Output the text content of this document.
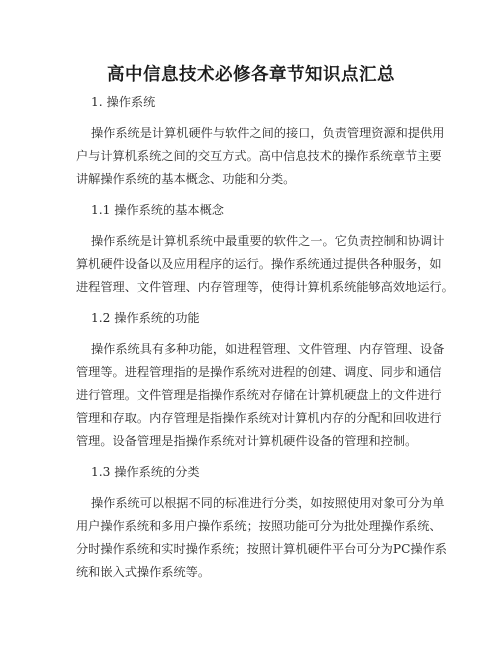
高中信息技术必修各章节知识点汇总
1. 操作系统
操作系统是计算机硬件与软件之间的接口，负责管理资源和提供用
户与计算机系统之间的交互方式。高中信息技术的操作系统章节主要
讲解操作系统的基本概念、功能和分类。
1.1 操作系统的基本概念
操作系统是计算机系统中最重要的软件之一。它负责控制和协调计
算机硬件设备以及应用程序的运行。操作系统通过提供各种服务，如
进程管理、文件管理、内存管理等，使得计算机系统能够高效地运行。
1.2 操作系统的功能
操作系统具有多种功能，如进程管理、文件管理、内存管理、设备
管理等。进程管理指的是操作系统对进程的创建、调度、同步和通信
进行管理。文件管理是指操作系统对存储在计算机硬盘上的文件进行
管理和存取。内存管理是指操作系统对计算机内存的分配和回收进行
管理。设备管理是指操作系统对计算机硬件设备的管理和控制。
1.3 操作系统的分类
操作系统可以根据不同的标准进行分类，如按照使用对象可分为单
用户操作系统和多用户操作系统；按照功能可分为批处理操作系统、
分时操作系统和实时操作系统；按照计算机硬件平台可分为PC操作系
统和嵌入式操作系统等。
